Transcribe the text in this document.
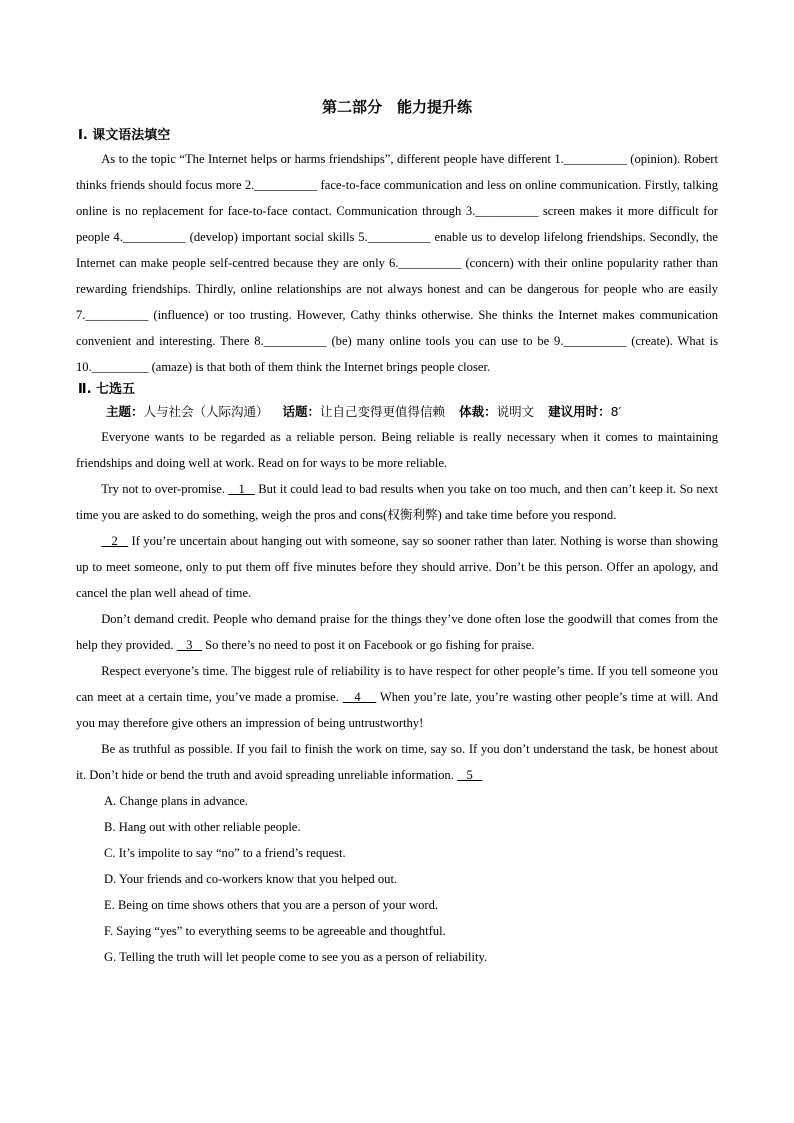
第二部分　能力提升练
Ⅰ. 课文语法填空

As to the topic “The Internet helps or harms friendships”, different people have different 1.__________ (opinion). Robert thinks friends should focus more 2.__________ face-to-face communication and less on online communication. Firstly, talking online is no replacement for face-to-face contact. Communication through 3.__________ screen makes it more difficult for people 4.__________ (develop) important social skills 5.__________ enable us to develop lifelong friendships. Secondly, the Internet can make people self-centred because they are only 6.__________ (concern) with their online popularity rather than rewarding friendships. Thirdly, online relationships are not always honest and can be dangerous for people who are easily 7.__________ (influence) or too trusting. However, Cathy thinks otherwise. She thinks the Internet makes communication convenient and interesting. There 8.__________ (be) many online tools you can use to be 9.__________ (create). What is 10._________ (amaze) is that both of them think the Internet brings people closer.

Ⅱ. 七选五

主题：人与社会（人际沟通） 话题：让自己变得更值得信赖 体裁：说明文 建议用时：8′

Everyone wants to be regarded as a reliable person. Being reliable is really necessary when it comes to maintaining friendships and doing well at work. Read on for ways to be more reliable.

Try not to over-promise.    1    But it could lead to bad results when you take on too much, and then can’t keep it. So next time you are asked to do something, weigh the pros and cons(权衡利弊) and take time before you respond.

2    If you’re uncertain about hanging out with someone, say so sooner rather than later. Nothing is worse than showing up to meet someone, only to put them off five minutes before they should arrive. Don’t be this person. Offer an apology, and cancel the plan well ahead of time.

Don’t demand credit. People who demand praise for the things they’ve done often lose the goodwill that comes from the help they provided.    3    So there’s no need to post it on Facebook or go fishing for praise.

Respect everyone’s time. The biggest rule of reliability is to have respect for other people’s time. If you tell someone you can meet at a certain time, you’ve made a promise.    4     When you’re late, you’re wasting other people’s time at will. And you may therefore give others an impression of being untrustworthy!

Be as truthful as possible. If you fail to finish the work on time, say so. If you don’t understand the task, be honest about it. Don’t hide or bend the truth and avoid spreading unreliable information.    5

A. Change plans in advance.

B. Hang out with other reliable people.

C. It’s impolite to say “no” to a friend’s request.

D. Your friends and co-workers know that you helped out.

E. Being on time shows others that you are a person of your word.

F. Saying “yes” to everything seems to be agreeable and thoughtful.

G. Telling the truth will let people come to see you as a person of reliability.
